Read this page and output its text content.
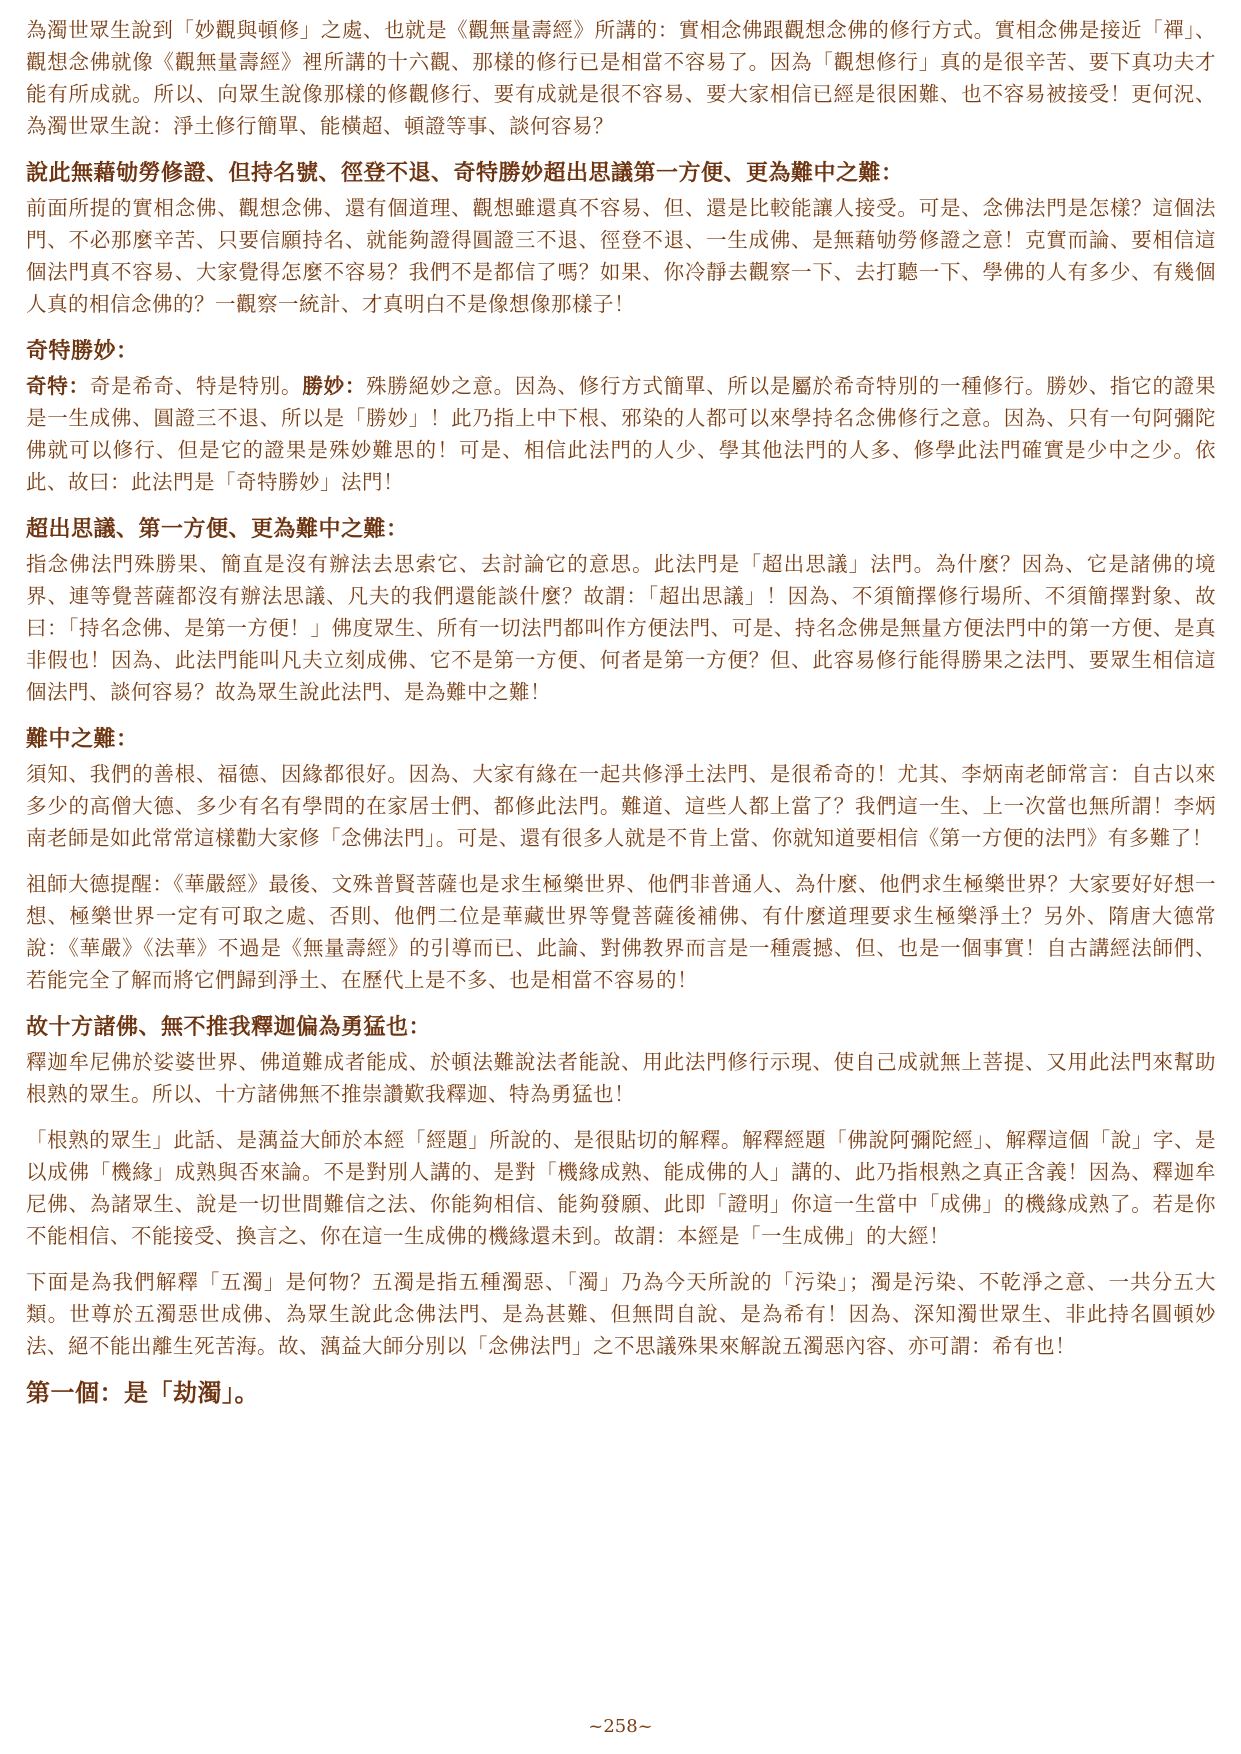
為濁世眾生說到「妙觀與頓修」之處、也就是《觀無量壽經》所講的：實相念佛跟觀想念佛的修行方式。實相念佛是接近「禪」、觀想念佛就像《觀無量壽經》裡所講的十六觀、那樣的修行已是相當不容易了。因為「觀想修行」真的是很辛苦、要下真功夫才能有所成就。所以、向眾生說像那樣的修觀修行、要有成就是很不容易、要大家相信已經是很困難、也不容易被接受！更何況、為濁世眾生說：淨土修行簡單、能橫超、頓證等事、談何容易？

說此無藉劬勞修證、但持名號、徑登不退、奇特勝妙超出思議第一方便、更為難中之難：

前面所提的實相念佛、觀想念佛、還有個道理、觀想雖還真不容易、但、還是比較能讓人接受。可是、念佛法門是怎樣？這個法門、不必那麼辛苦、只要信願持名、就能夠證得圓證三不退、徑登不退、一生成佛、是無藉劬勞修證之意！克實而論、要相信這個法門真不容易、大家覺得怎麼不容易？我們不是都信了嗎？如果、你冷靜去觀察一下、去打聽一下、學佛的人有多少、有幾個人真的相信念佛的？一觀察一統計、才真明白不是像想像那樣子！

奇特勝妙：

奇特：奇是希奇、特是特別。勝妙：殊勝絕妙之意。因為、修行方式簡單、所以是屬於希奇特別的一種修行。勝妙、指它的證果是一生成佛、圓證三不退、所以是「勝妙」！此乃指上中下根、邪染的人都可以來學持名念佛修行之意。因為、只有一句阿彌陀佛就可以修行、但是它的證果是殊妙難思的！可是、相信此法門的人少、學其他法門的人多、修學此法門確實是少中之少。依此、故曰：此法門是「奇特勝妙」法門！

超出思議、第一方便、更為難中之難：

指念佛法門殊勝果、簡直是沒有辦法去思索它、去討論它的意思。此法門是「超出思議」法門。為什麼？因為、它是諸佛的境界、連等覺菩薩都沒有辦法思議、凡夫的我們還能談什麼？故謂：「超出思議」！因為、不須簡擇修行場所、不須簡擇對象、故曰：「持名念佛、是第一方便！」佛度眾生、所有一切法門都叫作方便法門、可是、持名念佛是無量方便法門中的第一方便、是真非假也！因為、此法門能叫凡夫立刻成佛、它不是第一方便、何者是第一方便？但、此容易修行能得勝果之法門、要眾生相信這個法門、談何容易？故為眾生說此法門、是為難中之難！

難中之難：

須知、我們的善根、福德、因緣都很好。因為、大家有緣在一起共修淨土法門、是很希奇的！尤其、李炳南老師常言：自古以來多少的高僧大德、多少有名有學問的在家居士們、都修此法門。難道、這些人都上當了？我們這一生、上一次當也無所謂！李炳南老師是如此常常這樣勸大家修「念佛法門」。可是、還有很多人就是不肯上當、你就知道要相信《第一方便的法門》有多難了！

祖師大德提醒：《華嚴經》最後、文殊普賢菩薩也是求生極樂世界、他們非普通人、為什麼、他們求生極樂世界？大家要好好想一想、極樂世界一定有可取之處、否則、他們二位是華藏世界等覺菩薩後補佛、有什麼道理要求生極樂淨土？另外、隋唐大德常說：《華嚴》《法華》不過是《無量壽經》的引導而已、此論、對佛教界而言是一種震撼、但、也是一個事實！自古講經法師們、若能完全了解而將它們歸到淨土、在歷代上是不多、也是相當不容易的！

故十方諸佛、無不推我釋迦偏為勇猛也：

釋迦牟尼佛於娑婆世界、佛道難成者能成、於頓法難說法者能說、用此法門修行示現、使自己成就無上菩提、又用此法門來幫助根熟的眾生。所以、十方諸佛無不推崇讚歎我釋迦、特為勇猛也！

「根熟的眾生」此話、是蕅益大師於本經「經題」所說的、是很貼切的解釋。解釋經題「佛說阿彌陀經」、解釋這個「說」字、是以成佛「機緣」成熟與否來論。不是對別人講的、是對「機緣成熟、能成佛的人」講的、此乃指根熟之真正含義！因為、釋迦牟尼佛、為諸眾生、說是一切世間難信之法、你能夠相信、能夠發願、此即「證明」你這一生當中「成佛」的機緣成熟了。若是你不能相信、不能接受、換言之、你在這一生成佛的機緣還未到。故謂：本經是「一生成佛」的大經！

下面是為我們解釋「五濁」是何物？五濁是指五種濁惡、「濁」乃為今天所說的「污染」；濁是污染、不乾淨之意、一共分五大類。世尊於五濁惡世成佛、為眾生說此念佛法門、是為甚難、但無問自說、是為希有！因為、深知濁世眾生、非此持名圓頓妙法、絕不能出離生死苦海。故、蕅益大師分別以「念佛法門」之不思議殊果來解說五濁惡內容、亦可謂：希有也！

第一個：是「劫濁」。
~258~
